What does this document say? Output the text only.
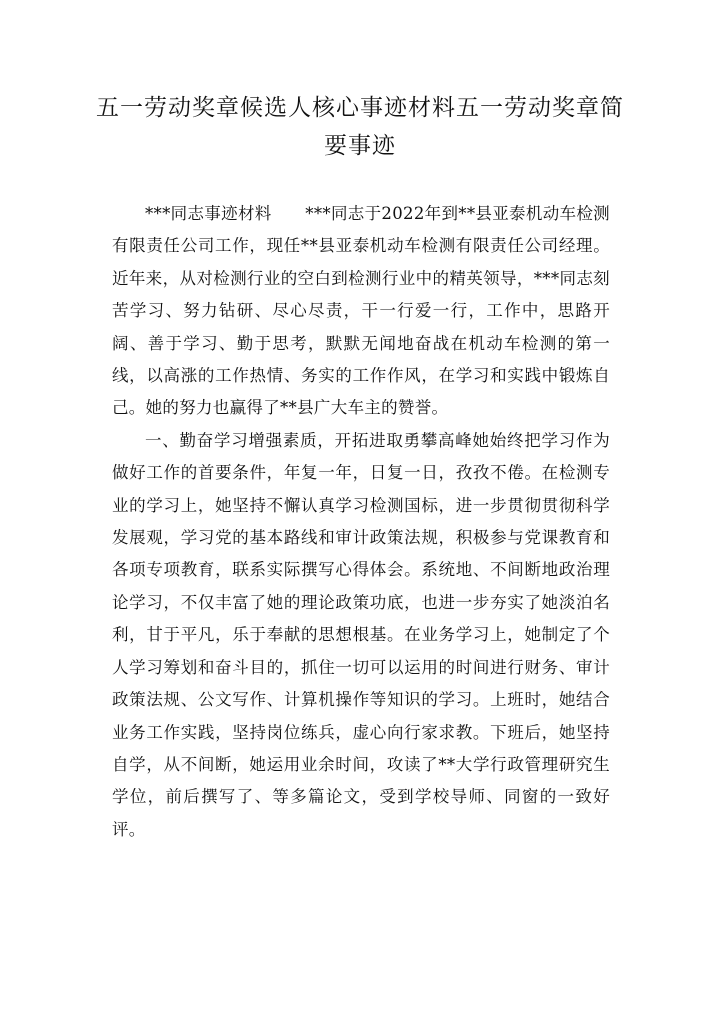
五一劳动奖章候选人核心事迹材料五一劳动奖章简
要事迹

***同志事迹材料　　***同志于2022年到**县亚泰机动车检测有限责任公司工作，现任**县亚泰机动车检测有限责任公司经理。近年来，从对检测行业的空白到检测行业中的精英领导，***同志刻苦学习、努力钻研、尽心尽责，干一行爱一行，工作中，思路开阔、善于学习、勤于思考，默默无闻地奋战在机动车检测的第一线，以高涨的工作热情、务实的工作作风，在学习和实践中锻炼自己。她的努力也赢得了**县广大车主的赞誉。

一、勤奋学习增强素质，开拓进取勇攀高峰她始终把学习作为做好工作的首要条件，年复一年，日复一日，孜孜不倦。在检测专业的学习上，她坚持不懈认真学习检测国标，进一步贯彻贯彻科学发展观，学习党的基本路线和审计政策法规，积极参与党课教育和各项专项教育，联系实际撰写心得体会。系统地、不间断地政治理论学习，不仅丰富了她的理论政策功底，也进一步夯实了她淡泊名利，甘于平凡，乐于奉献的思想根基。在业务学习上，她制定了个人学习筹划和奋斗目的，抓住一切可以运用的时间进行财务、审计政策法规、公文写作、计算机操作等知识的学习。上班时，她结合业务工作实践，坚持岗位练兵，虚心向行家求教。下班后，她坚持自学，从不间断，她运用业余时间，攻读了**大学行政管理研究生学位，前后撰写了、等多篇论文，受到学校导师、同窗的一致好评。
